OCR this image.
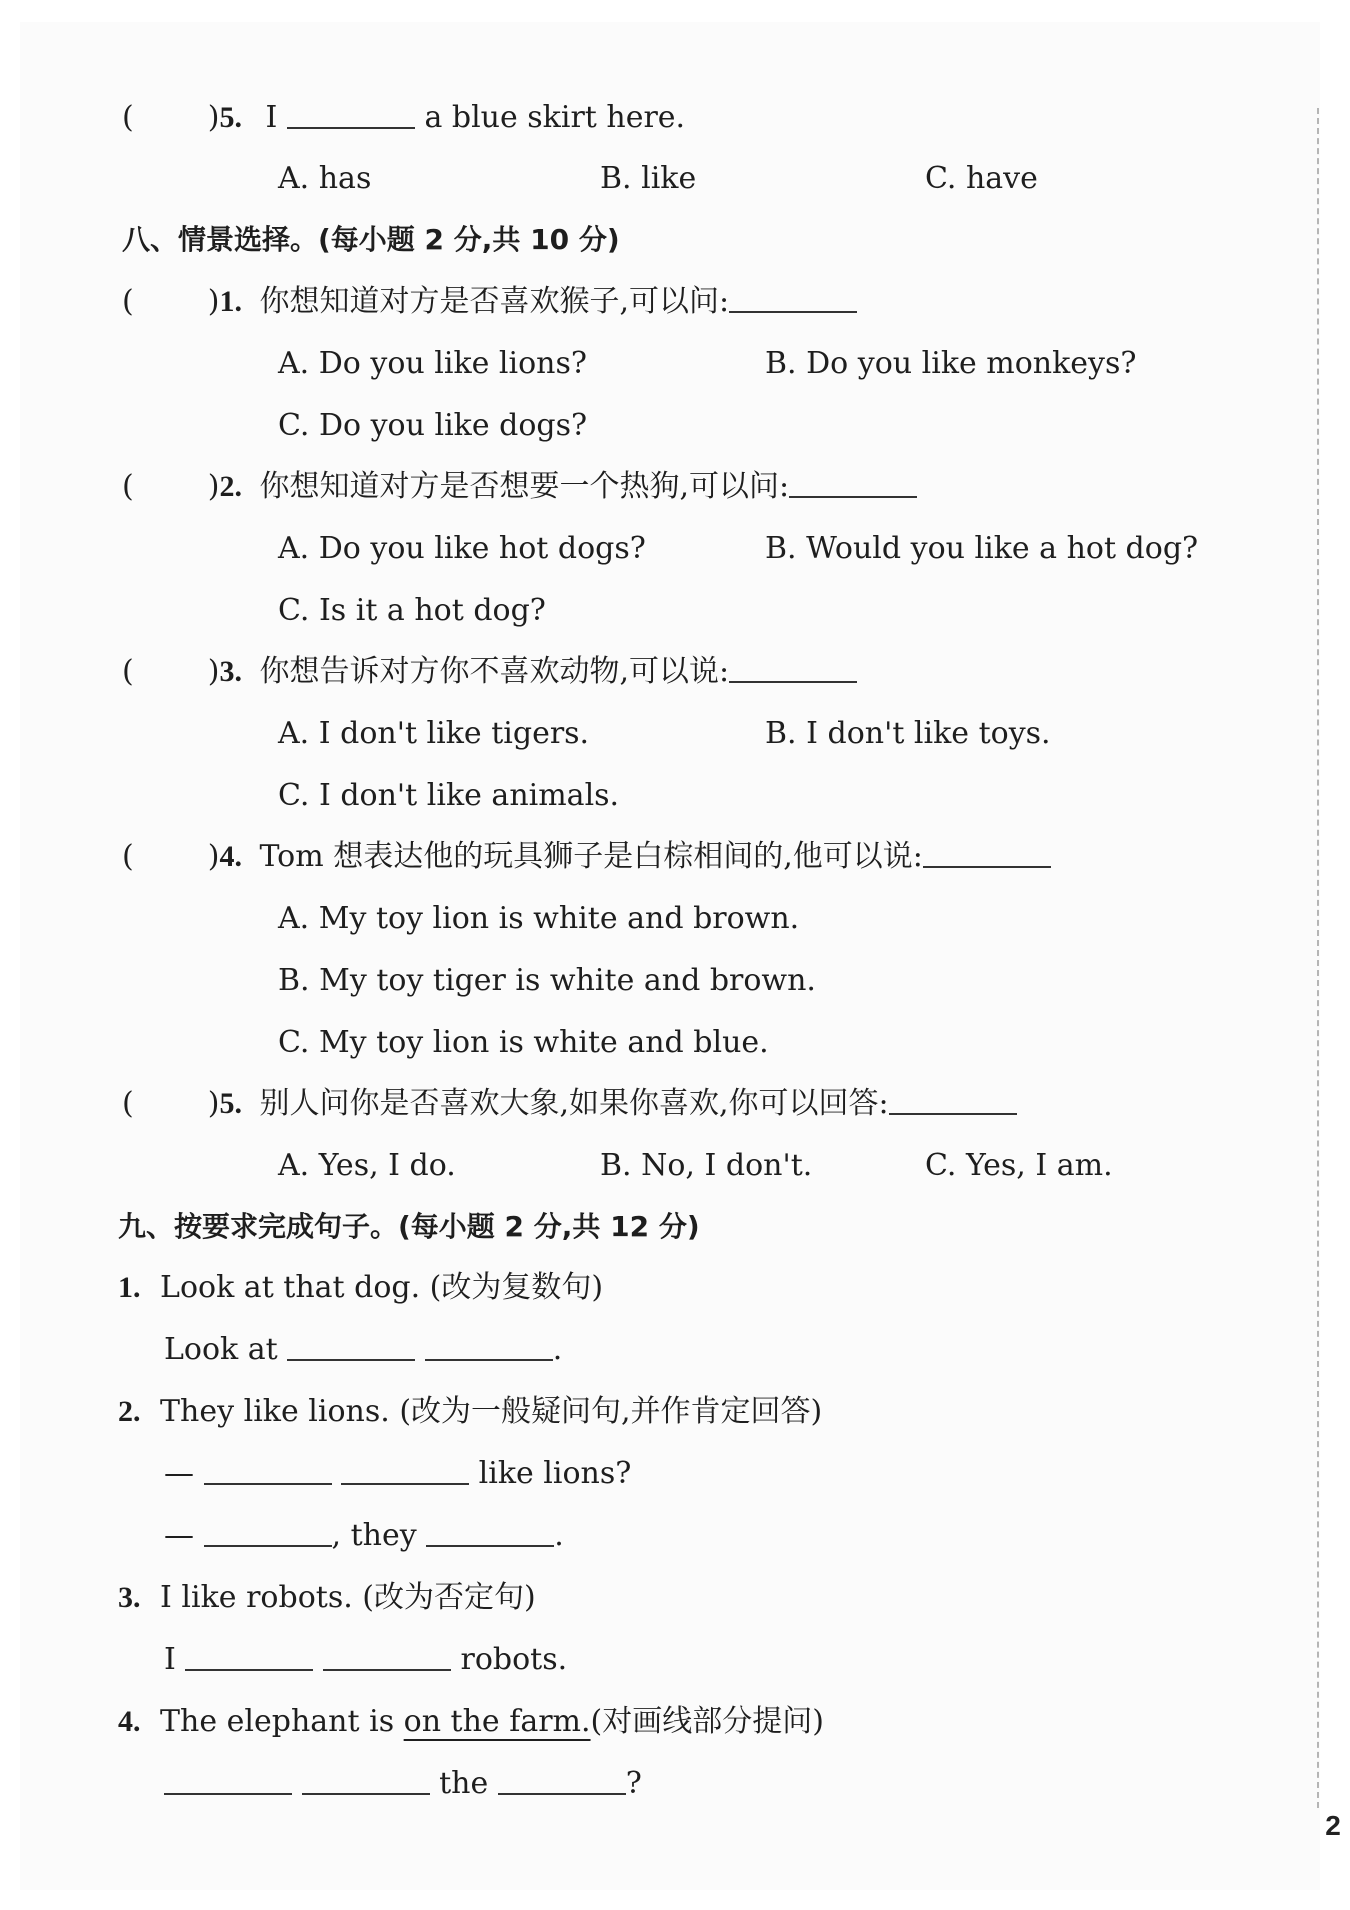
( )5. I	a blue skirt here.
A. has	B. like	C. have
八、情景选择。(每小题 2 分,共 10 分)
( )1. 你想知道对方是否喜欢猴子,可以问:
A. Do you like lions?	B. Do you like monkeys?
C. Do you like dogs?
( )2. 你想知道对方是否想要一个热狗,可以问:
A. Do you like hot dogs?	B. Would you like a hot dog?
C. Is it a hot dog?
( )3. 你想告诉对方你不喜欢动物,可以说:
A. I don't like tigers.	B. I don't like toys.
C. I don't like animals.
( )4. Tom 想表达他的玩具狮子是白棕相间的,他可以说:
A. My toy lion is white and brown.
B. My toy tiger is white and brown.
C. My toy lion is white and blue.
( )5. 别人问你是否喜欢大象,如果你喜欢,你可以回答:
A. Yes, I do.	B. No, I don't.	C. Yes, I am.
九、按要求完成句子。(每小题 2 分,共 12 分)
1. Look at that dog. (改为复数句)
Look at	.
2. They like lions. (改为一般疑问句,并作肯定回答)
—	like lions?
—	, they	.
3. I like robots. (改为否定句)
I	robots.
4. The elephant is on the farm.(对画线部分提问)
the	?
2
